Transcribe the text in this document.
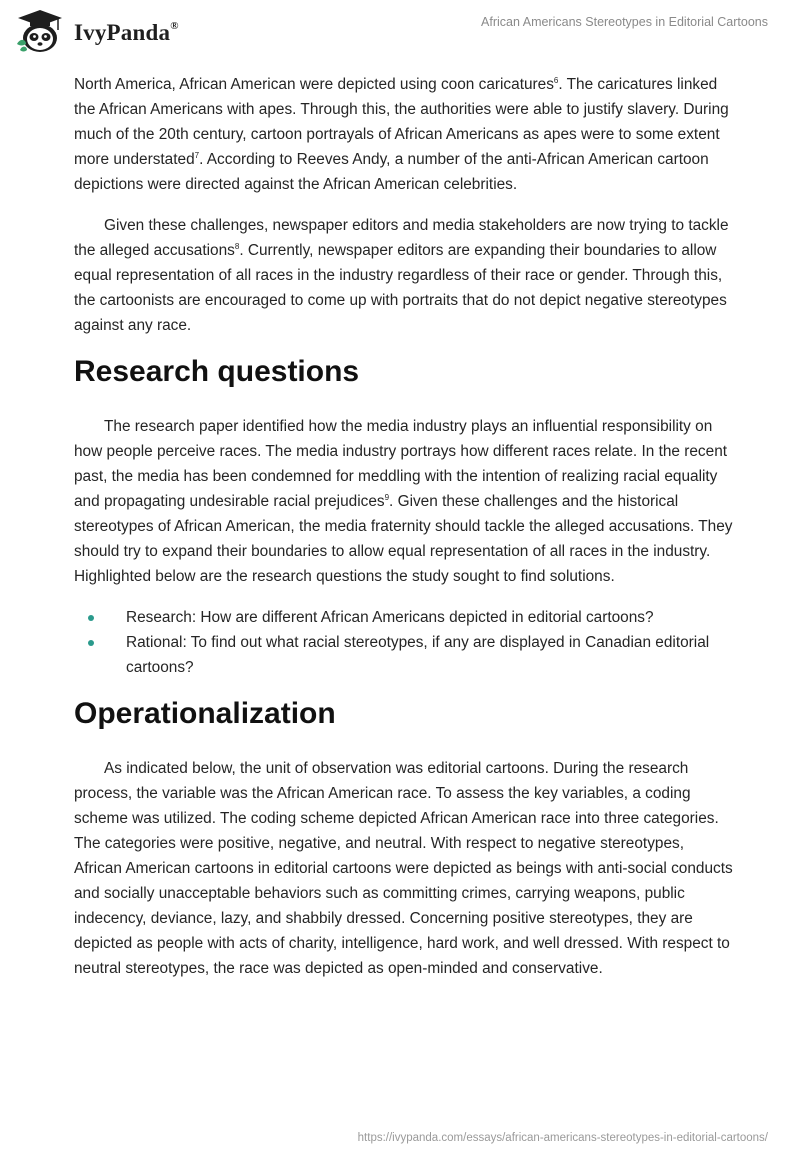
IvyPanda®	African Americans Stereotypes in Editorial Cartoons

North America, African American were depicted using coon caricatures$^6$. The caricatures linked the African Americans with apes. Through this, the authorities were able to justify slavery. During much of the 20th century, cartoon portrayals of African Americans as apes were to some extent more understated$^7$. According to Reeves Andy, a number of the anti-African American cartoon depictions were directed against the African American celebrities.

Given these challenges, newspaper editors and media stakeholders are now trying to tackle the alleged accusations$^8$. Currently, newspaper editors are expanding their boundaries to allow equal representation of all races in the industry regardless of their race or gender. Through this, the cartoonists are encouraged to come up with portraits that do not depict negative stereotypes against any race.

Research questions

The research paper identified how the media industry plays an influential responsibility on how people perceive races. The media industry portrays how different races relate. In the recent past, the media has been condemned for meddling with the intention of realizing racial equality and propagating undesirable racial prejudices$^9$. Given these challenges and the historical stereotypes of African American, the media fraternity should tackle the alleged accusations. They should try to expand their boundaries to allow equal representation of all races in the industry. Highlighted below are the research questions the study sought to find solutions.

Research: How are different African Americans depicted in editorial cartoons?
Rational: To find out what racial stereotypes, if any are displayed in Canadian editorial cartoons?
Operationalization

As indicated below, the unit of observation was editorial cartoons. During the research process, the variable was the African American race. To assess the key variables, a coding scheme was utilized. The coding scheme depicted African American race into three categories. The categories were positive, negative, and neutral. With respect to negative stereotypes, African American cartoons in editorial cartoons were depicted as beings with anti-social conducts and socially unacceptable behaviors such as committing crimes, carrying weapons, public indecency, deviance, lazy, and shabbily dressed. Concerning positive stereotypes, they are depicted as people with acts of charity, intelligence, hard work, and well dressed. With respect to neutral stereotypes, the race was depicted as open-minded and conservative.

https://ivypanda.com/essays/african-americans-stereotypes-in-editorial-cartoons/
